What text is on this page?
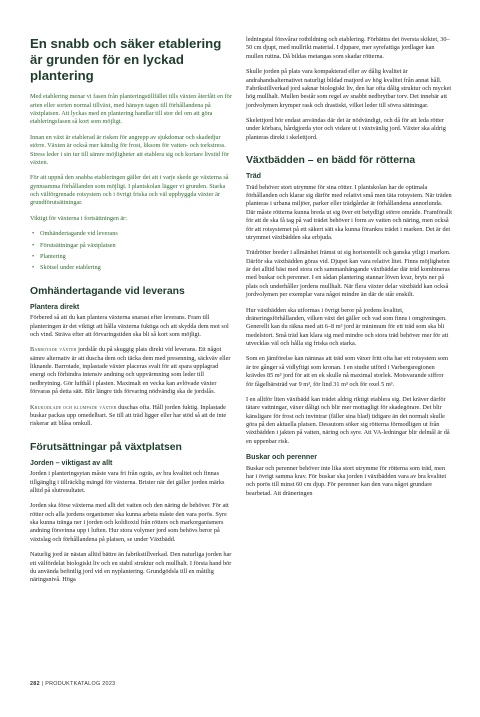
En snabb och säker etablering är grunden för en lyckad plantering

Med etablering menar vi fasen från planteringstillfället tills växten återfått en för arten eller sorten normal tillväxt, med hänsyn tagen till förhållandena på växtplatsen. Att lyckas med en plantering handlar till stor del om att göra etableringsfasen så kort som möjligt.

Innan en växt är etablerad är risken för angrepp av sjukdomar och skadedjur större. Växten är också mer känslig för frost, liksom för vatten- och torkstress. Stress leder i sin tur till sämre möjligheter att etablera sig och kortare livstid för växten.

För att uppnå den snabba etableringen gäller det att i varje skede ge växterna så gynnsamma förhållanden som möjligt. I plantskolan lägger vi grunden. Starka och välförgrenade rotsystem och i övrigt friska och väl uppbyggda växter är grundförutsättningar.

Viktigt för växterna i fortsättningen är:

• Omhändertagande vid leverans
• Förutsättningar på växtplatsen
• Plantering
• Skötsel under etablering
Omhändertagande vid leverans
Plantera direkt

Förbered så att du kan plantera växterna snarast efter leverans. Fram till planteringen är det viktigt att hålla växterna fuktiga och att skydda dem mot sol och vind. Sträva efter att förvaringstiden ska bli så kort som möjligt.

Barrotade växter jordslår du på skuggig plats direkt vid leverans. Ett något sämre alternativ är att duscha dem och täcka dem med presenning, säckväv eller liknande. Barrotade, inplastade växter placeras svalt för att spara upplagrad energi och förhindra intensiv andning och uppvärmning som leder till nedbrytning. Gör lufthål i plasten. Maximalt en vecka kan avlövade växter förvaras på detta sätt. Blir längre tids förvaring nödvändig ska de jordslås.

Krukodlade och klumpade växter duschas ofta. Håll jorden fuktig. Inplastade buskar packas upp omedelbart. Se till att träd ligger eller har stöd så att de inte riskerar att blåsa omkull.

Förutsättningar på växtplatsen
Jorden – viktigast av allt

Jorden i planteringsytan måste vara fri från ogräs, av bra kvalitet och finnas tillgänglig i tillräcklig mängd för växterna. Brister när det gäller jorden märks alltid på slutresultatet.

Jorden ska förse växterna med allt det vatten och den näring de behöver. För att rötter och alla jordens organismer ska kunna arbeta måste den vara porös. Syre ska kunna tränga ner i jorden och koldioxid från rötters och markorganismers andning försvinna upp i luften. Hur stora volymer jord som behövs beror på växtslag och förhållandena på platsen, se under Växtbädd.

Naturlig jord är nästan alltid bättre än fabrikstillverkad. Den naturliga jorden har ett välfördelat biologiskt liv och en stabil struktur och mullhalt. I första hand bör du använda befintlig jord vid en nyplantering. Grundgödsla till en måttlig näringsnivå. Höga

ledningstal försvårar rotbildning och etablering. Förbättra det översta skiktet, 30–50 cm djupt, med mullrikt material. I djupare, mer syrefattiga jordlager kan mullen ruttna. Då bildas metangas som skadar rötterna.

Skulle jorden på plats vara kompakterad eller av dålig kvalitet är andrahandsalternativet naturligt bildad matjord av hög kvalitet från annat håll. Fabrikstillverkad jord saknar biologiskt liv, den har ofta dålig struktur och mycket hög mullhalt. Mullen består som regel av snabbt nedbrytbar torv. Det innebär att jordvolymen krymper rask och drastiskt, vilket leder till sövra sättningar.

Skelettjord bör endast användas där det är nödvändigt, och då för att leda rötter under körbara, hårdgjorda ytor och vidare ut i växtvänlig jord. Växter ska aldrig planteras direkt i skelettjord.

Växtbädden – en bädd för rötterna
Träd

Träd behöver stort utrymme för sina rötter. I plantskolan har de optimala förhållanden och klarar sig därför med relativt små men täta rotsystem. När träden planteras i urbana miljöer, parker eller trädgårdar är förhållandena annorlunda. Där måste rötterna kunna breda ut sig över ett betydligt större område. Framförallt för att de ska få tag på vad trädet behöver i form av vatten och näring, men också för att rotsystemet på ett säkert sätt ska kunna förankra trädet i marken. Det är det utrymmet växtbädden ska erbjuda.

Trädrötter breder i allmänhet främst ut sig horisontellt och ganska ytligt i marken. Därför ska växtbädden göras vid. Djupet kan vara relativt litet. Finns möjligheten är det alltid bäst med stora och sammanhängande växtbäddar där träd kombineras med buskar och perenner. I en sådan plantering stannar löven kvar, bryts ner på plats och underhåller jordens mullhalt. När flera växter delar växtbädd kan också jordvolymen per exemplar vara något mindre än där de står enskilt.

Hur växtbädden ska utformas i övrigt beror på jordens kvalitet, dräneringsförhållanden, vilken växt det gäller och vad som finns i omgivningen. Generellt kan du räkna med att 6–8 m³ jord är minimum för ett träd som ska bli medelstort. Små träd kan klara sig med mindre och stora träd behöver mer för att utvecklas väl och hålla sig friska och starka.

Som en jämförelse kan nämnas att träd som växer fritt ofta har ett rotsystem som är tre gånger så vidlyftigt som kronan. I en studie utförd i Varbergsregionen krävdes 85 m³ jord för att en ek skulle nå maximal storlek. Motsvarande siffror för fågelbärsträd var 9 m³, för lind 31 m³ och för oxel 5 m³.

I en alltför liten växtbädd kan trädet aldrig riktigt etablera sig. Det kräver därför tätare vattningar, växer dåligt och blir mer mottagligt för skadegörare. Det blir känsligare för frost och invintrar (fäller sina blad) tidigare än det normalt skulle göra på den aktuella platsen. Dessutom söker sig rötterna förmodligen ut från växtbädden i jakten på vatten, näring och syre. Att VA-ledningar blir delmål är då en uppenbar risk.

Buskar och perenner

Buskar och perenner behöver inte lika stort utrymme för rötterna som träd, men har i övrigt samma krav. För buskar ska jorden i växtbädden vara av bra kvalitet och porös till minst 60 cm djup. För perenner kan den vara något grundare bearbetad. Att dräneringen

282 | PRODUKTKATALOG 2023
